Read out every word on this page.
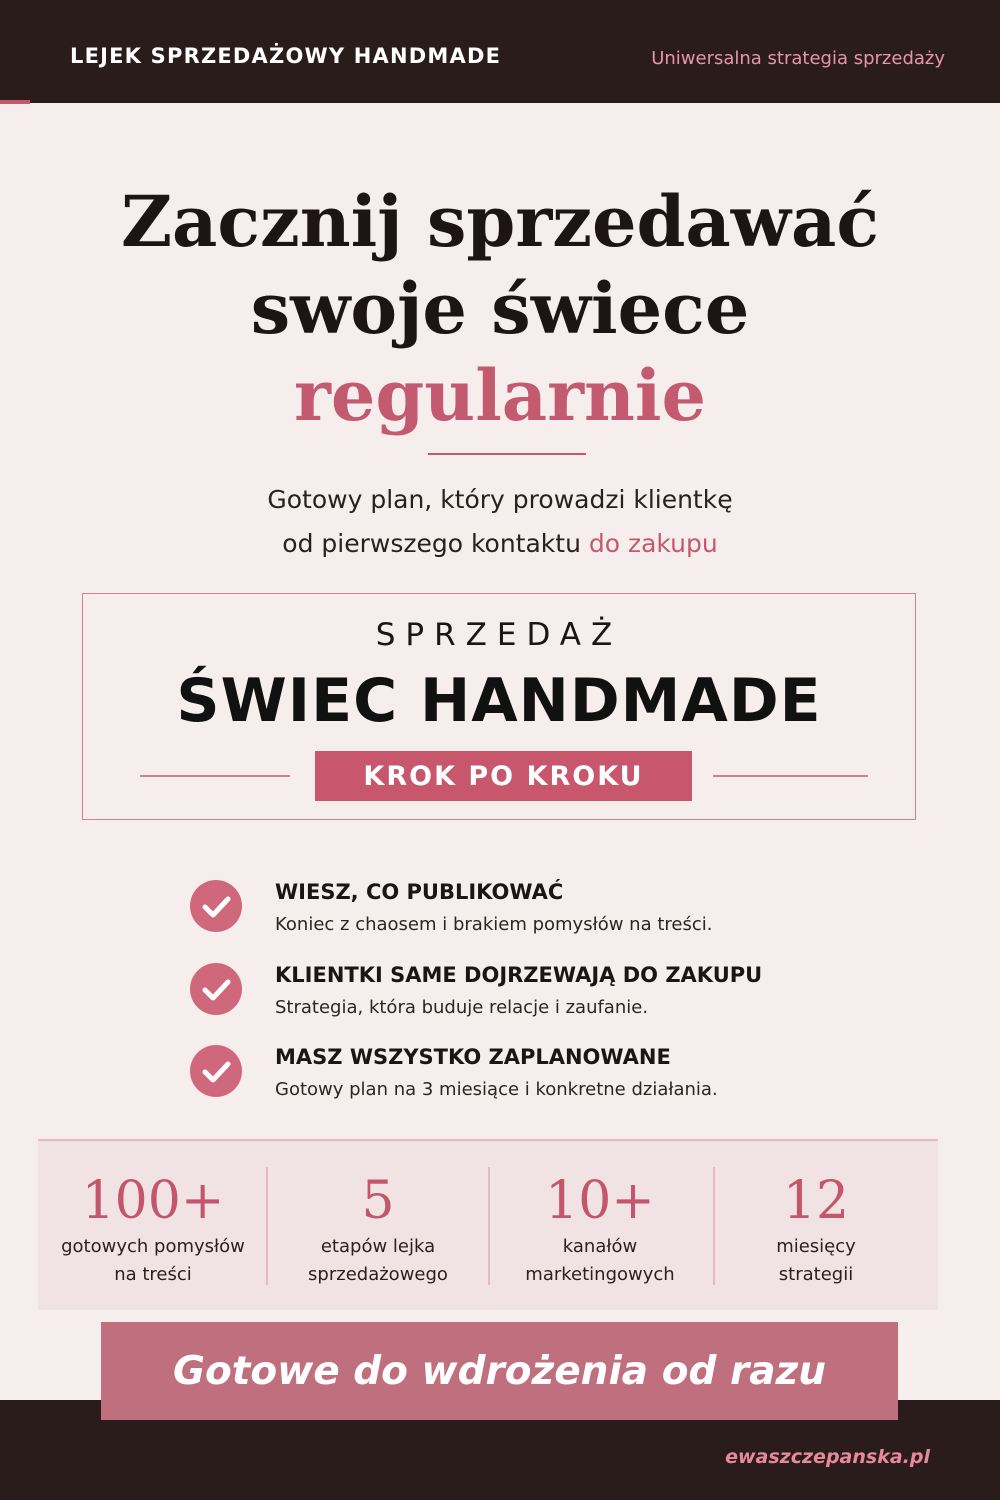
LEJEK SPRZEDAŻOWY HANDMADE	Uniwersalna strategia sprzedaży
Zacznij sprzedawać
swoje świece
regularnie
Gotowy plan, który prowadzi klientkę
od pierwszego kontaktu do zakupu
SPRZEDAŻ
ŚWIEC HANDMADE
KROK PO KROKU
WIESZ, CO PUBLIKOWAĆ
Koniec z chaosem i brakiem pomysłów na treści.
KLIENTKI SAME DOJRZEWAJĄ DO ZAKUPU
Strategia, która buduje relacje i zaufanie.
MASZ WSZYSTKO ZAPLANOWANE
Gotowy plan na 3 miesiące i konkretne działania.
100+
gotowych pomysłów
na treści
5
etapów lejka
sprzedażowego
10+
kanałów
marketingowych
12
miesięcy
strategii
Gotowe do wdrożenia od razu
ewaszczepanska.pl
